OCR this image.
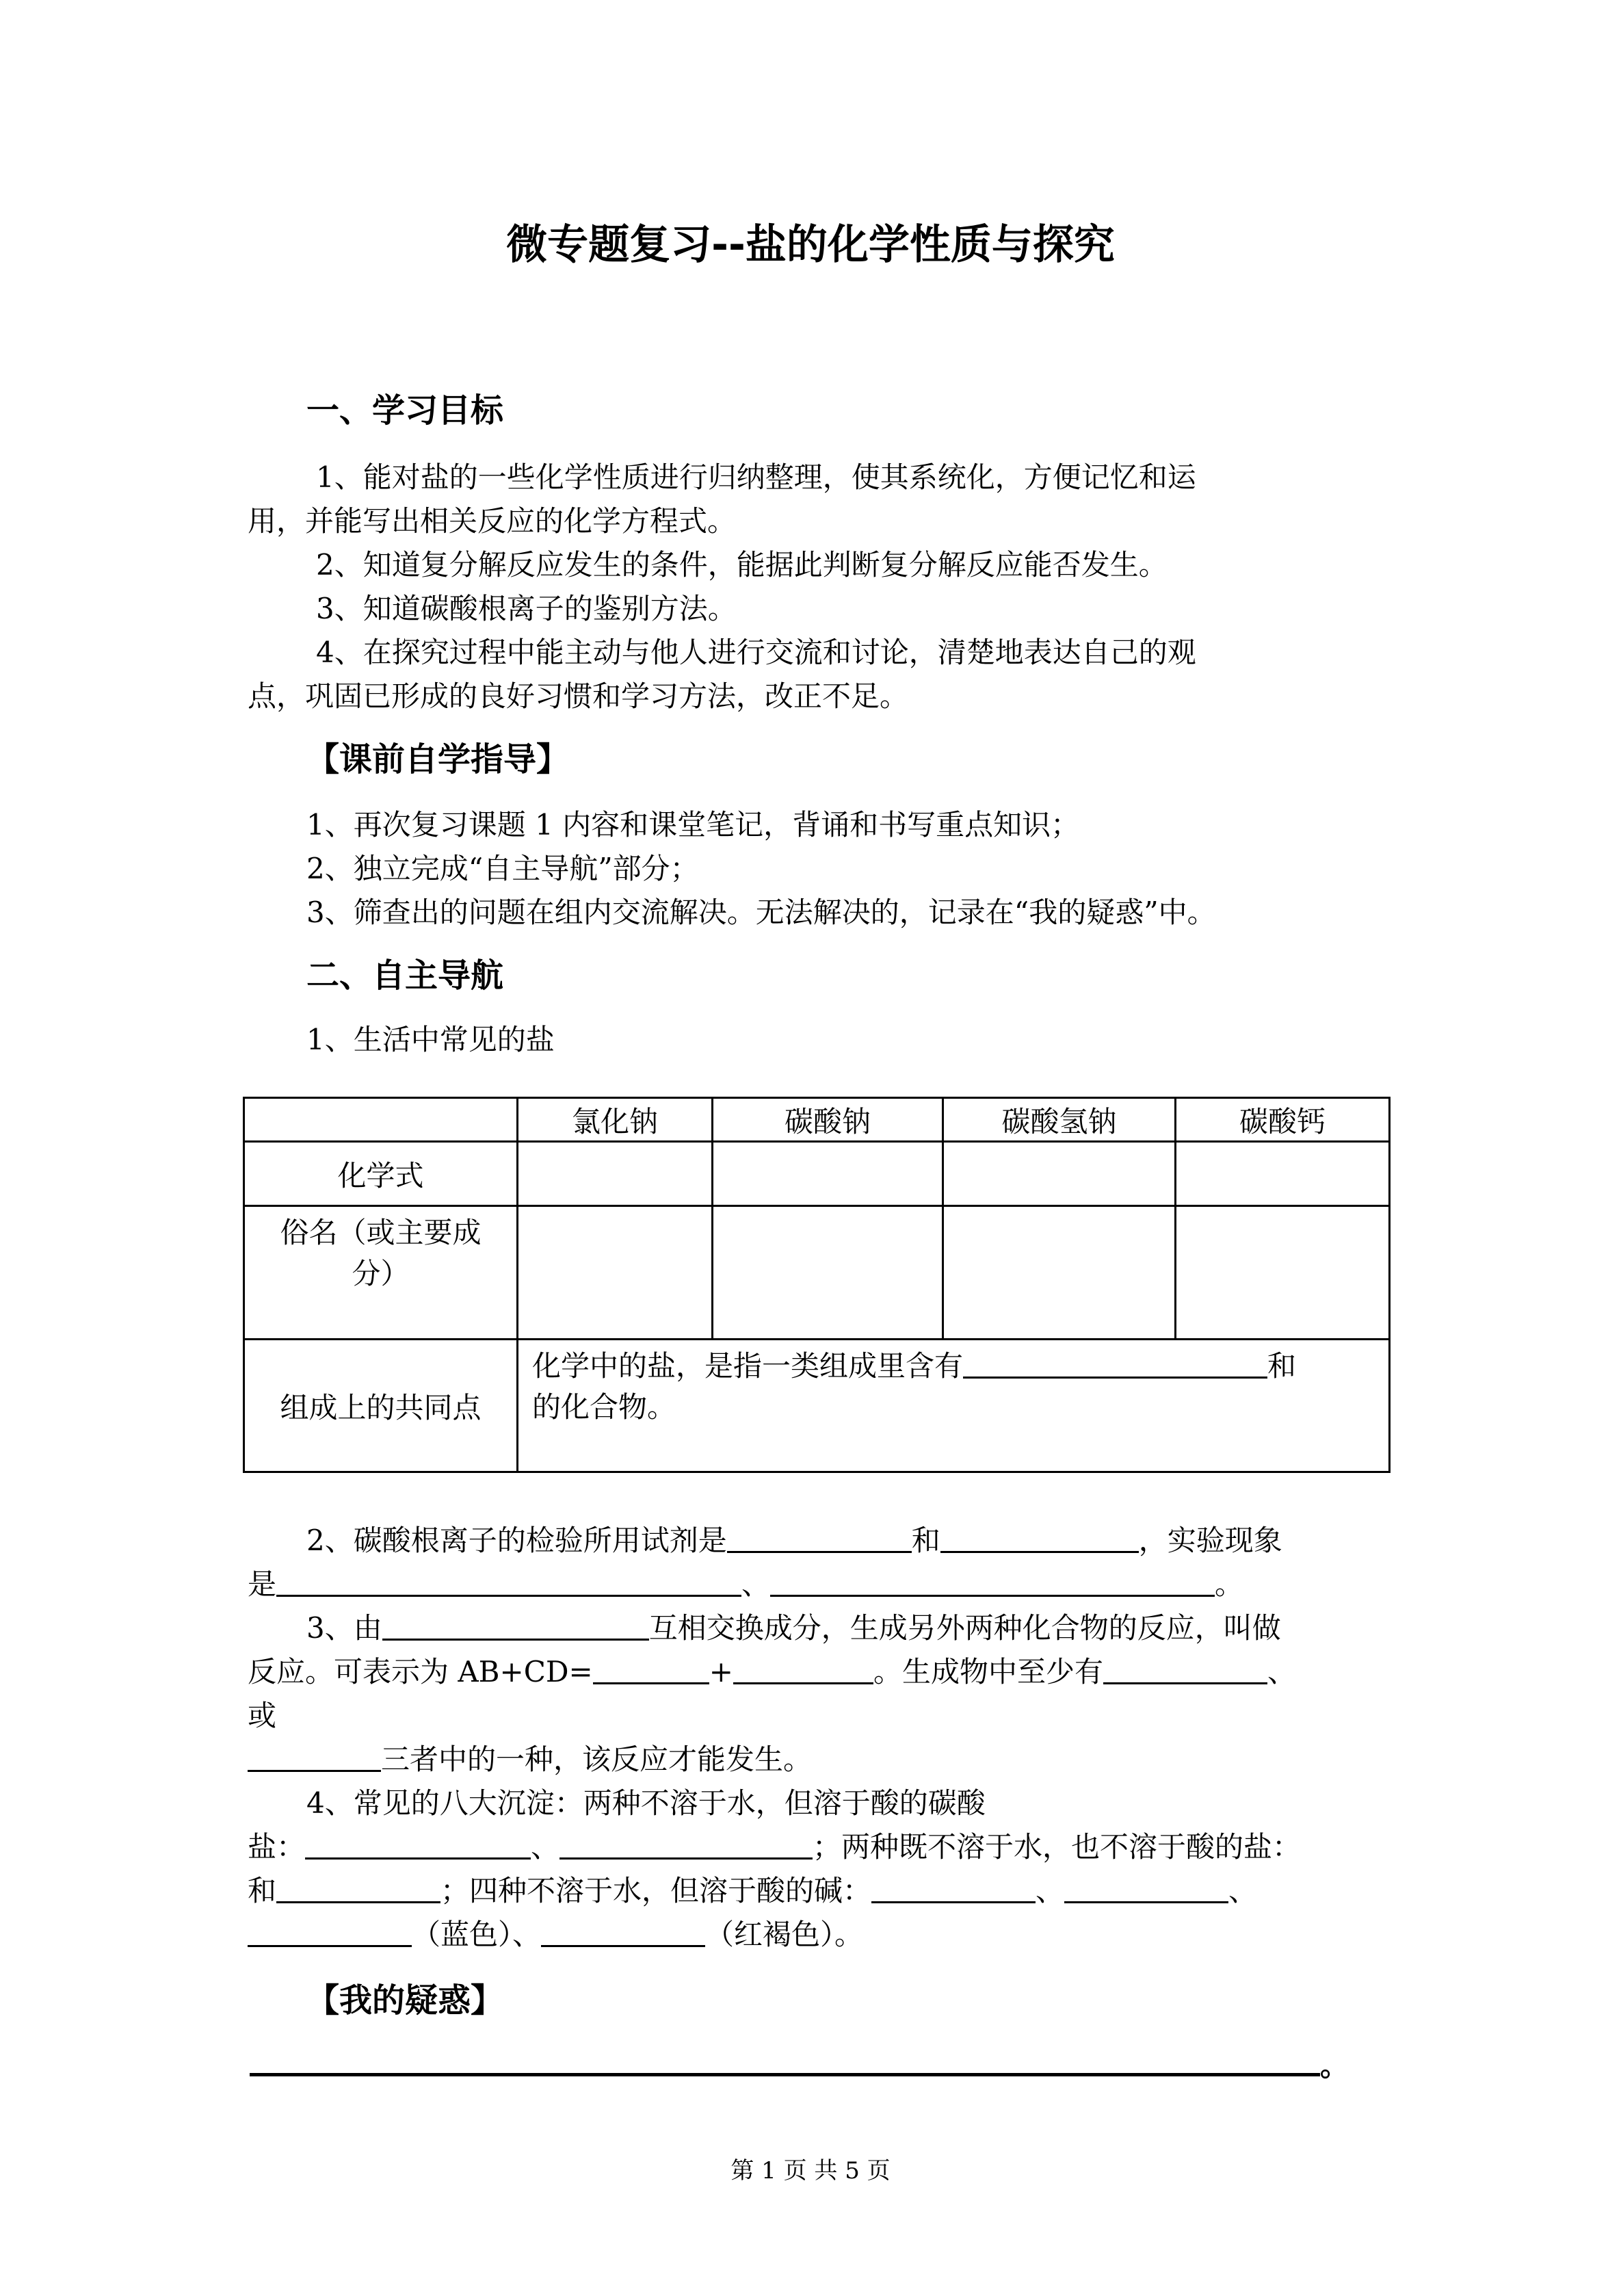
微专题复习--盐的化学性质与探究
一、学习目标
1、能对盐的一些化学性质进行归纳整理，使其系统化，方便记忆和运
用，并能写出相关反应的化学方程式。
2、知道复分解反应发生的条件，能据此判断复分解反应能否发生。
3、知道碳酸根离子的鉴别方法。
4、在探究过程中能主动与他人进行交流和讨论，清楚地表达自己的观
点，巩固已形成的良好习惯和学习方法，改正不足。
【课前自学指导】
1、再次复习课题 1 内容和课堂笔记，背诵和书写重点知识；
2、独立完成“自主导航”部分；
3、筛查出的问题在组内交流解决。无法解决的，记录在“我的疑惑”中。
二、自主导航
1、生活中常见的盐
	氯化钠	碳酸钠	碳酸氢钠	碳酸钙
化学式				

俗名（或主要成
分）				

组成上的共同点	化学中的盐，是指一类组成里含有 和
的化合物。			
2、碳酸根离子的检验所用试剂是	和	，实验现象
是	、	。
3、由	互相交换成分，生成另外两种化合物的反应，叫做
反应。可表示为 AB+CD=	+	。生成物中至少有	、
或
三者中的一种，该反应才能发生。
4、常见的八大沉淀：两种不溶于水，但溶于酸的碳酸
盐：	、	；两种既不溶于水，也不溶于酸的盐：
和	；四种不溶于水，但溶于酸的碱：	、	、
（蓝色）、	（红褐色）。
【我的疑惑】
。
第 1 页 共 5 页
